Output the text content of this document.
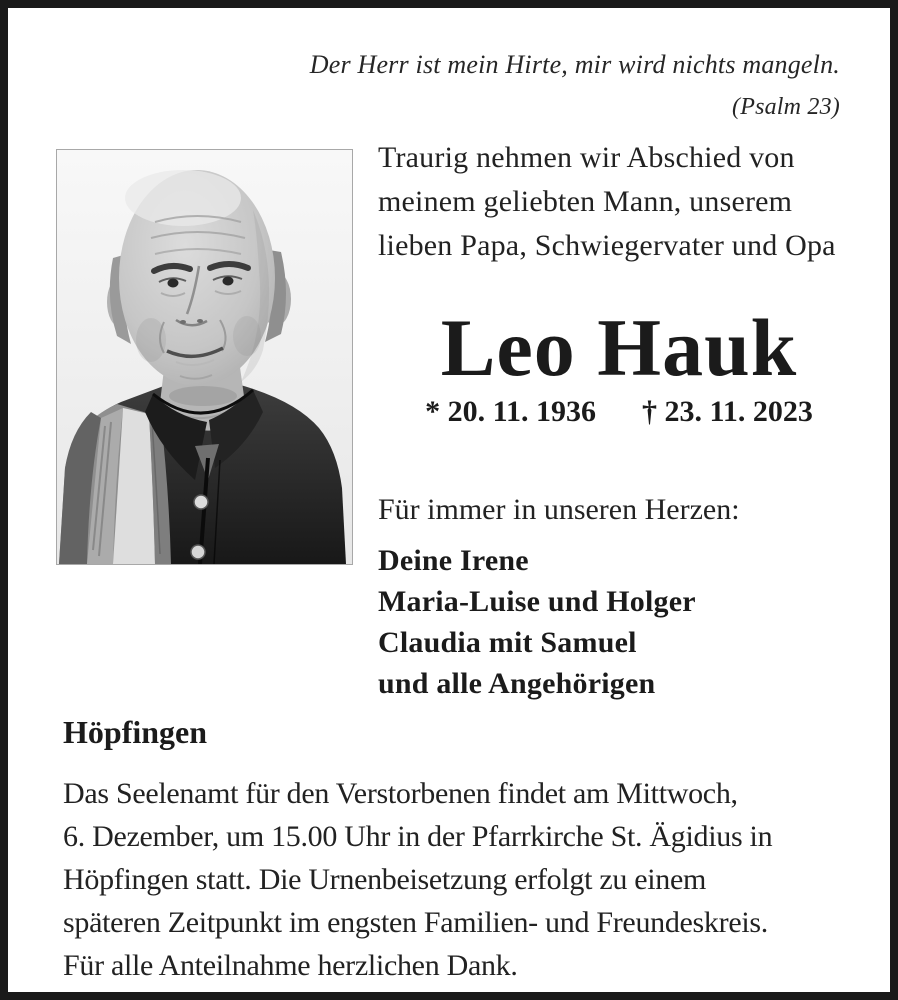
Der Herr ist mein Hirte, mir wird nichts mangeln.
(Psalm 23)
Traurig nehmen wir Abschied von
meinem geliebten Mann, unserem
lieben Papa, Schwiegervater und Opa
Leo Hauk
* 20. 11. 1936 † 23. 11. 2023
Für immer in unseren Herzen:
Deine Irene
Maria-Luise und Holger
Claudia mit Samuel
und alle Angehörigen
Höpfingen
Das Seelenamt für den Verstorbenen findet am Mittwoch,
6. Dezember, um 15.00 Uhr in der Pfarrkirche St. Ägidius in
Höpfingen statt. Die Urnenbeisetzung erfolgt zu einem
späteren Zeitpunkt im engsten Familien- und Freundeskreis.
Für alle Anteilnahme herzlichen Dank.
